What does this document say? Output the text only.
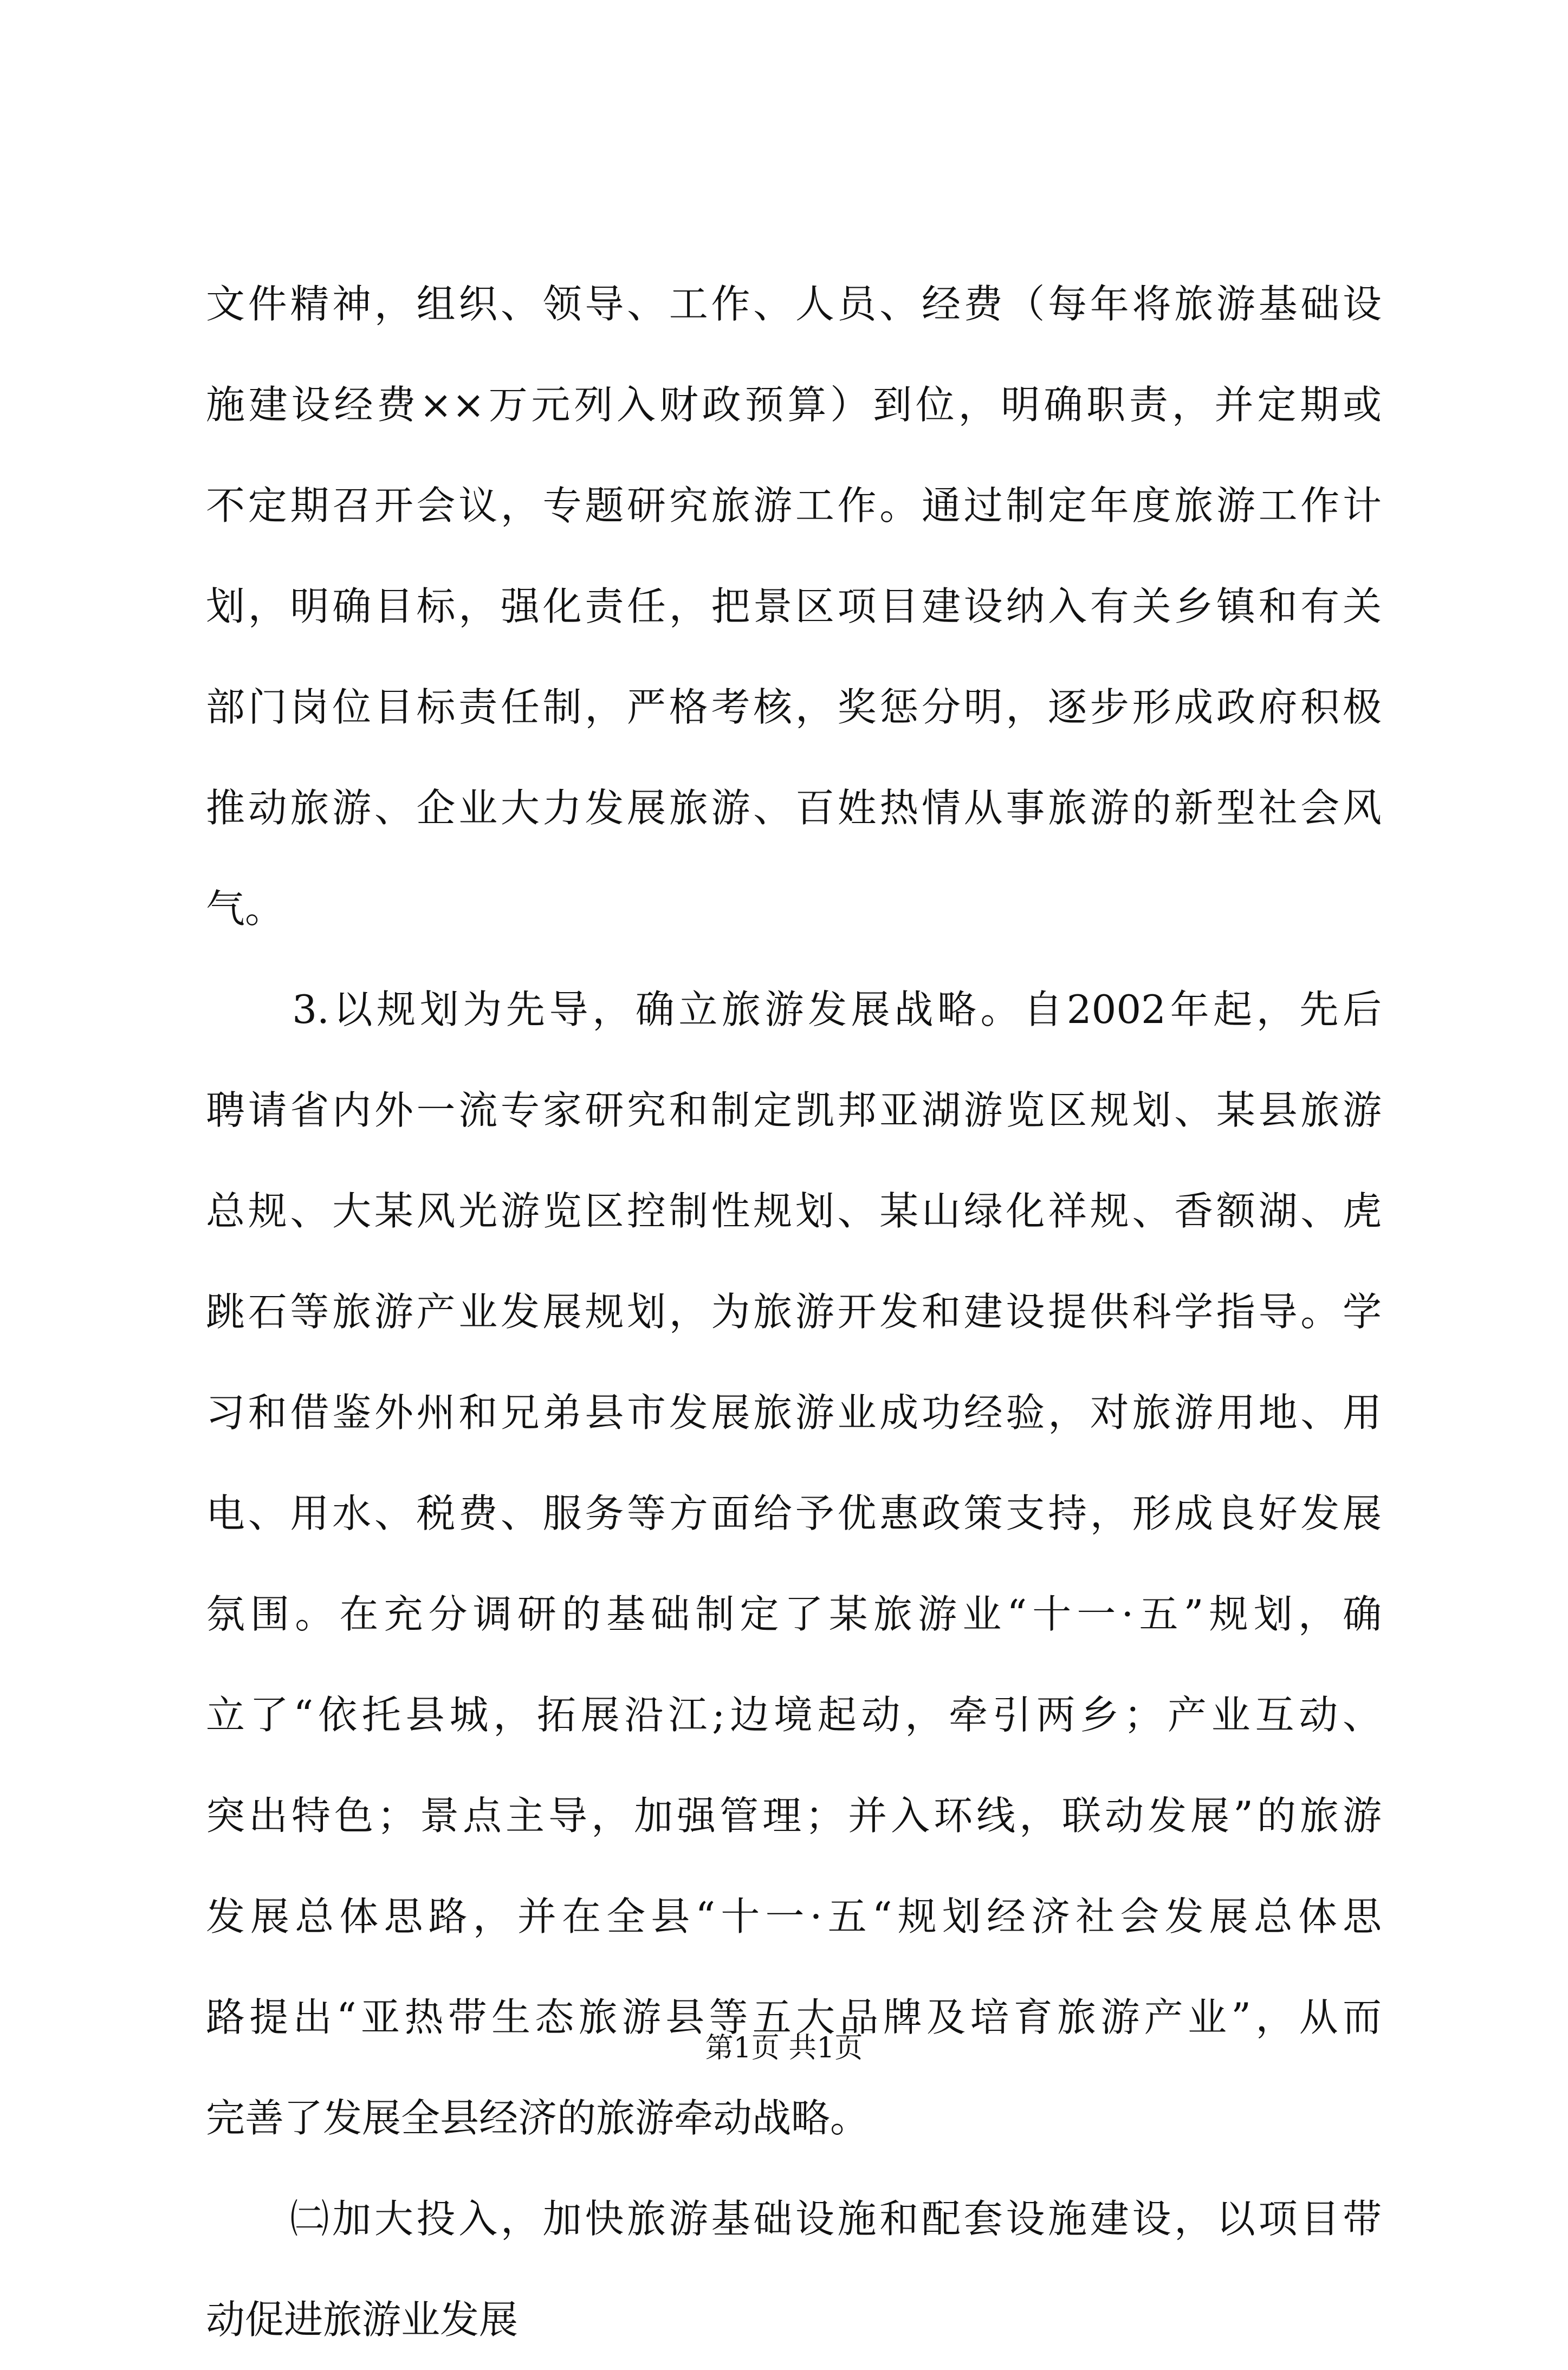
文件精神，组织、领导、工作、人员、经费（每年将旅游基础设
施建设经费××万元列入财政预算）到位，明确职责，并定期或
不定期召开会议，专题研究旅游工作。通过制定年度旅游工作计
划，明确目标，强化责任，把景区项目建设纳入有关乡镇和有关
部门岗位目标责任制，严格考核，奖惩分明，逐步形成政府积极
推动旅游、企业大力发展旅游、百姓热情从事旅游的新型社会风
气。
　　3.以规划为先导，确立旅游发展战略。自2002年起，先后
聘请省内外一流专家研究和制定凯邦亚湖游览区规划、某县旅游
总规、大某风光游览区控制性规划、某山绿化祥规、香额湖、虎
跳石等旅游产业发展规划，为旅游开发和建设提供科学指导。学
习和借鉴外州和兄弟县市发展旅游业成功经验，对旅游用地、用
电、用水、税费、服务等方面给予优惠政策支持，形成良好发展
氛围。在充分调研的基础制定了某旅游业“十一·五”规划，确
立了“依托县城，拓展沿江;边境起动，牵引两乡；产业互动、
突出特色；景点主导，加强管理；并入环线，联动发展”的旅游
发展总体思路，并在全县“十一·五“规划经济社会发展总体思
路提出“亚热带生态旅游县等五大品牌及培育旅游产业”，从而
完善了发展全县经济的旅游牵动战略。
　　㈡加大投入，加快旅游基础设施和配套设施建设，以项目带
动促进旅游业发展
第1页 共1页
